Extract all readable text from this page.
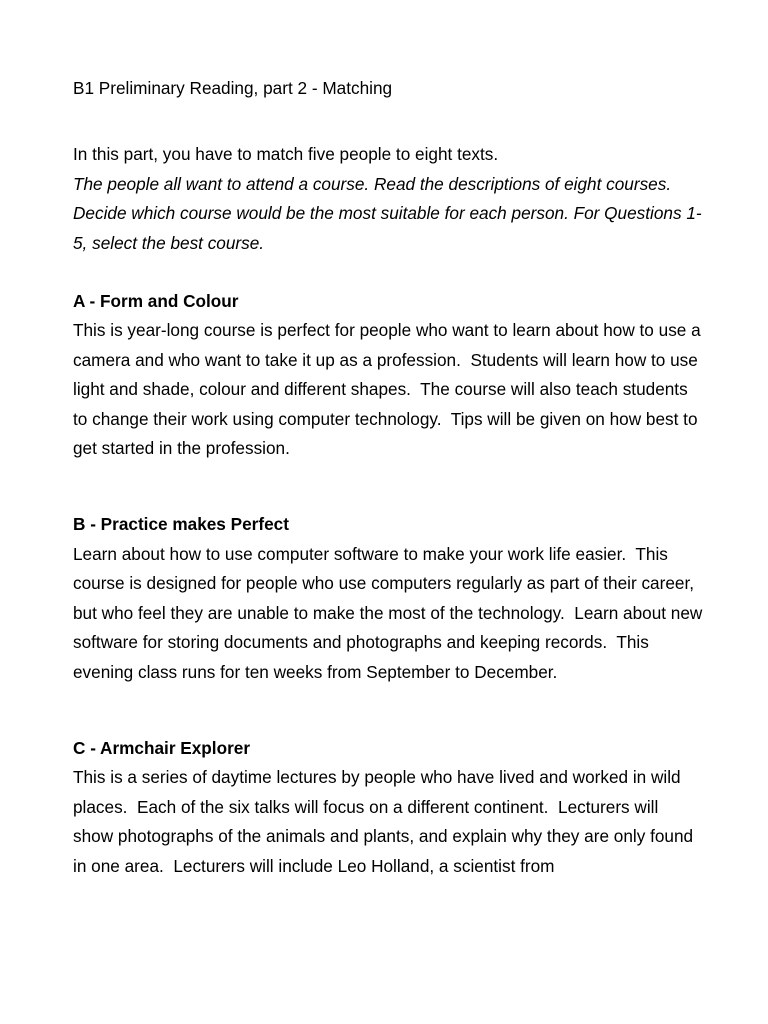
B1 Preliminary Reading, part 2 - Matching

In this part, you have to match five people to eight texts.

The people all want to attend a course. Read the descriptions of eight courses. Decide which course would be the most suitable for each person. For Questions 1-5, select the best course.

A - Form and Colour

This is year-long course is perfect for people who want to learn about how to use a camera and who want to take it up as a profession.  Students will learn how to use light and shade, colour and different shapes.  The course will also teach students to change their work using computer technology.  Tips will be given on how best to get started in the profession.

B - Practice makes Perfect

Learn about how to use computer software to make your work life easier.  This course is designed for people who use computers regularly as part of their career, but who feel they are unable to make the most of the technology.  Learn about new software for storing documents and photographs and keeping records.  This evening class runs for ten weeks from September to December.

C - Armchair Explorer

This is a series of daytime lectures by people who have lived and worked in wild places.  Each of the six talks will focus on a different continent.  Lecturers will show photographs of the animals and plants, and explain why they are only found in one area.  Lecturers will include Leo Holland, a scientist from
